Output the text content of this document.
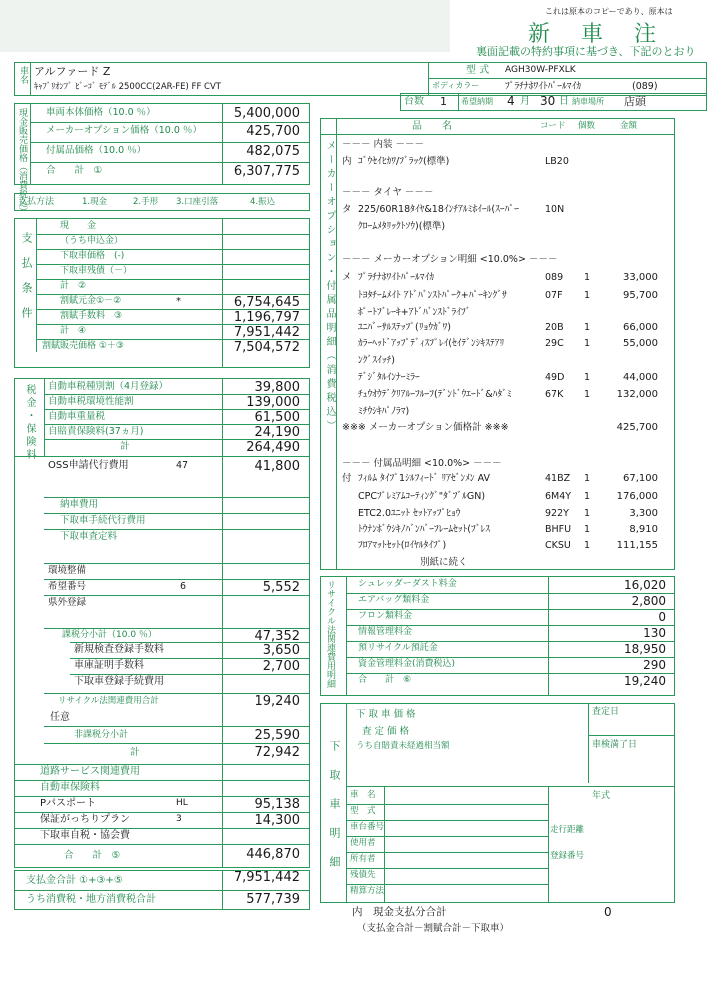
これは原本のコピーであり、原本は
新 車 注
裏面記載の特約事項に基づき、下記のとおり
車名 アルファード Z
ｷｬﾌﾞﾘｵﾝﾌﾞ ﾋﾞｰｺﾞ ﾓﾃﾞﾙ 2500CC(2AR-FE) FF CVT
型 式 AGH30W-PFXLK
ボディカラー	ﾌﾟﾗﾁﾅﾎﾜｲﾄﾊﾟｰﾙﾏｲｶ	(089)
台数 1 希望納期 4 月 30 日 納車場所 店頭
現金販売価格（消費税込） 車両本体価格（10.0 ％）	5,400,000
メーカーオプション価格（10.0 ％）	425,700
付属品価格（10.0 ％）	482,075
合　　計　①	6,307,775
支払方法	1.現金	2.手形 3.口座引落	4.振込
支払条件
現　　金
（うち申込金）
下取車価格　(-)
下取車残債（－）
計　②
割賦元金①－②	*	6,754,645
割賦手数料　③	1,196,797
計　④	7,951,442
割賦販売価格 ①＋③	7,504,572
税金・保険料 自動車税種別割（4月登録）	39,800
自動車税環境性能割	139,000
自動車重量税	61,500
自賠責保険料(37ヵ月)	24,190
計	264,490
OSS申請代行費用	47	41,800
納車費用
下取車手続代行費用
下取車査定料
環境整備
希望番号	6	5,552
県外登録
課税分小計（10.0 ％）	47,352
新規検査登録手数料	3,650
車庫証明手数料	2,700
下取車登録手続費用
リサイクル法関連費用合計	19,240
任意
非課税分小計	25,590
計	72,942
道路サービス関連費用
自動車保険料
Pパスポート	HL	95,138
保証がっちりプラン	3	14,300
下取車自税・協会費
合　　計　⑤	446,870
支払金合計 ①+③+⑤	7,951,442
うち消費税・地方消費税合計	577,739
品　　名	コード 個数	金額
メーカーオプション・付属品明細（消費税込） －－－ 内装 －－－
内 ｺﾞｳｾｲﾋｶﾜ/ﾌﾞﾗｯｸ(標準)	LB20
－－－ タイヤ －－－
タ 225/60R18ﾀｲﾔ&18ｲﾝﾁｱﾙﾐﾎｲｰﾙ(ｽｰﾊﾟｰ	10N
ｸﾛｰﾑﾒﾀﾘｯｸﾄｿｳ)(標準)
－－－ メーカーオプション明細 <10.0%> －－－
メ ﾌﾟﾗﾁﾅﾎﾜｲﾄﾊﾟｰﾙﾏｲｶ	089 1	33,000
ﾄﾖﾀﾁｰﾑﾒｲﾄ ｱﾄﾞﾊﾞﾝｽﾄﾊﾟｰｸ+ﾊﾟｰｷﾝｸﾞｻ	07F 1	95,700
ﾎﾟｰﾄﾌﾞﾚｰｷ+ｱﾄﾞﾊﾞﾝｽﾄﾞﾗｲﾌﾞ
ﾕﾆﾊﾞｰｻﾙｽﾃｯﾌﾟ(ﾘｮｳｶﾞﾜ)	20B 1	66,000
ｶﾗｰﾍｯﾄﾞｱｯﾌﾟﾃﾞｨｽﾌﾟﾚｲ(ｾｲﾃﾞﾝｼｷｽﾃｱﾘ	29C 1	55,000
ﾝｸﾞｽｲｯﾁ)
ﾃﾞｼﾞﾀﾙｲﾝﾅｰﾐﾗｰ	49D 1	44,000
ﾁｭｳｵｳﾃﾞｸﾘｱﾙｰﾌﾙｰﾌ(ﾃﾞﾝﾄﾞｳｴｰﾄﾞ&ﾊﾀﾞﾐ	67K 1	132,000
ﾐﾁｳｼｷﾊﾟﾉﾗﾏ)
※※※ メーカーオプション価格計 ※※※	425,700
－－－ 付属品明細 <10.0%> －－－
付 ﾌｨﾙﾑ ﾀｲﾌﾟ1ｼﾙﾌｨｰﾄﾞ ﾘｱｾﾞﾝﾒﾝ AV	41BZ 1	67,100
CPCﾌﾟﾚﾐｱﾑｺｰﾃｨﾝｸﾞ"ﾀﾞﾌﾞﾙGN)	6M4Y 1	176,000
ETC2.0ﾕﾆｯﾄ ｾｯﾄｱｯﾌﾟﾋｮｳ	922Y 1	3,300
ﾄｳﾅﾝﾎﾞｳｼｷﾉﾊﾞﾝﾊﾞｰﾌﾚｰﾑｾｯﾄ(ﾌﾞﾚｽ	BHFU 1	8,910
ﾌﾛｱﾏｯﾄｾｯﾄ(ﾛｲﾔﾙﾀｲﾌﾟ)	CKSU 1	111,155
別紙に続く
リサイクル法関連費用明細	シュレッダーダスト料金	16,020
エアバッグ類料金	2,800
フロン類料金	0
情報管理料金	130
預リサイクル預託金	18,950
資金管理料金(消費税込)	290
合　　計　⑥	19,240
下取車明細
下取車価格
査定価格
うち自賠責未経過相当額
査定日
車検満了日
年式
走行距離
登録番号
車　名
型　式
車台番号
使用者
所有者
残債先
精算方法
内　現金支払分合計	0
（支払金合計－割賦合計－下取車）
